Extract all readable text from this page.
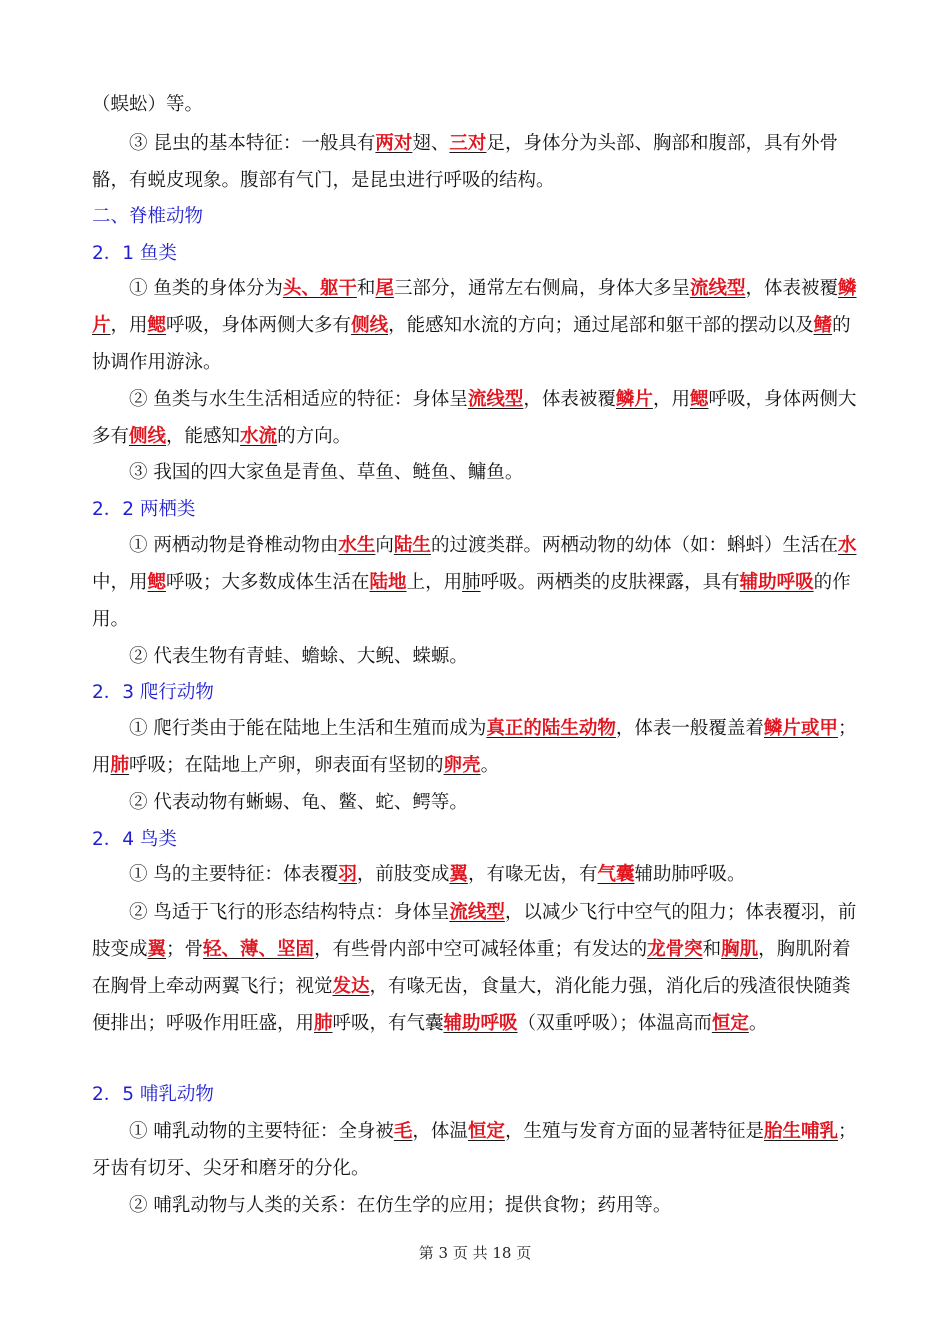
（蜈蚣）等。

③ 昆虫的基本特征：一般具有两对翅、三对足，身体分为头部、胸部和腹部，具有外骨骼，有蜕皮现象。腹部有气门，是昆虫进行呼吸的结构。

二、脊椎动物

2．1 鱼类

① 鱼类的身体分为头、躯干和尾三部分，通常左右侧扁，身体大多呈流线型，体表被覆鳞片，用鳃呼吸，身体两侧大多有侧线，能感知水流的方向；通过尾部和躯干部的摆动以及鳍的协调作用游泳。

② 鱼类与水生生活相适应的特征：身体呈流线型，体表被覆鳞片，用鳃呼吸，身体两侧大多有侧线，能感知水流的方向。

③ 我国的四大家鱼是青鱼、草鱼、鲢鱼、鳙鱼。

2．2 两栖类

① 两栖动物是脊椎动物由水生向陆生的过渡类群。两栖动物的幼体（如：蝌蚪）生活在水中，用鳃呼吸；大多数成体生活在陆地上，用肺呼吸。两栖类的皮肤裸露，具有辅助呼吸的作用。

② 代表生物有青蛙、蟾蜍、大鲵、蝾螈。

2．3 爬行动物

① 爬行类由于能在陆地上生活和生殖而成为真正的陆生动物，体表一般覆盖着鳞片或甲；用肺呼吸；在陆地上产卵，卵表面有坚韧的卵壳。

② 代表动物有蜥蜴、龟、鳖、蛇、鳄等。

2．4 鸟类

① 鸟的主要特征：体表覆羽，前肢变成翼，有喙无齿，有气囊辅助肺呼吸。

② 鸟适于飞行的形态结构特点：身体呈流线型，以减少飞行中空气的阻力；体表覆羽，前肢变成翼；骨轻、薄、坚固，有些骨内部中空可减轻体重；有发达的龙骨突和胸肌，胸肌附着在胸骨上牵动两翼飞行；视觉发达，有喙无齿，食量大，消化能力强，消化后的残渣很快随粪便排出；呼吸作用旺盛，用肺呼吸，有气囊辅助呼吸（双重呼吸）；体温高而恒定。

2．5 哺乳动物

① 哺乳动物的主要特征：全身被毛，体温恒定，生殖与发育方面的显著特征是胎生哺乳；牙齿有切牙、尖牙和磨牙的分化。

② 哺乳动物与人类的关系：在仿生学的应用；提供食物；药用等。

第 3 页 共 18 页
